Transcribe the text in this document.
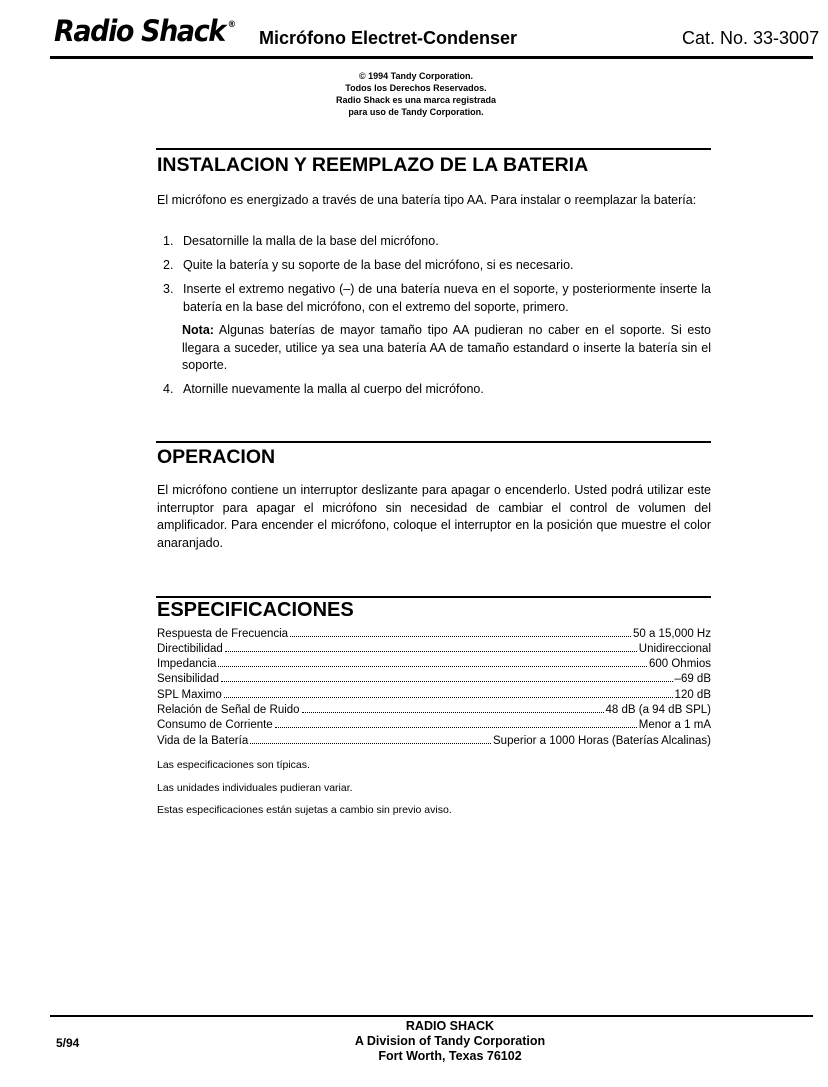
Radio Shack ®
Micrófono Electret-Condenser	Cat. No. 33-3007
© 1994 Tandy Corporation.
Todos los Derechos Reservados.
Radio Shack es una marca registrada
para uso de Tandy Corporation.
INSTALACION Y REEMPLAZO DE LA BATERIA
El micrófono es energizado a través de una batería tipo AA. Para instalar o reemplazar la batería:
1. Desatornille la malla de la base del micrófono.
2. Quite la batería y su soporte de la base del micrófono, si es necesario.
3. Inserte el extremo negativo (–) de una batería nueva en el soporte, y posteriormente inserte la batería en la base del micrófono, con el extremo del soporte, primero.
Nota: Algunas baterías de mayor tamaño tipo AA pudieran no caber en el soporte. Si esto llegara a suceder, utilice ya sea una batería AA de tamaño estandard o inserte la batería sin el soporte.
4. Atornille nuevamente la malla al cuerpo del micrófono.
OPERACION
El micrófono contiene un interruptor deslizante para apagar o encenderlo. Usted podrá utilizar este interruptor para apagar el micrófono sin necesidad de cambiar el control de volumen del amplificador. Para encender el micrófono, coloque el interruptor en la posición que muestre el color anaranjado.
ESPECIFICACIONES
Respuesta de Frecuencia	50 a 15,000 Hz
Directibilidad	Unidireccional
Impedancia	600 Ohmios
Sensibilidad	–69 dB
SPL Maximo	120 dB
Relación de Señal de Ruido	48 dB (a 94 dB SPL)
Consumo de Corriente	Menor a 1 mA
Vida de la Batería	Superior a 1000 Horas (Baterías Alcalinas)
Las especificaciones son típicas.
Las unidades individuales pudieran variar.
Estas especificaciones están sujetas a cambio sin previo aviso.
5/94
RADIO SHACK
A Division of Tandy Corporation
Fort Worth, Texas 76102
